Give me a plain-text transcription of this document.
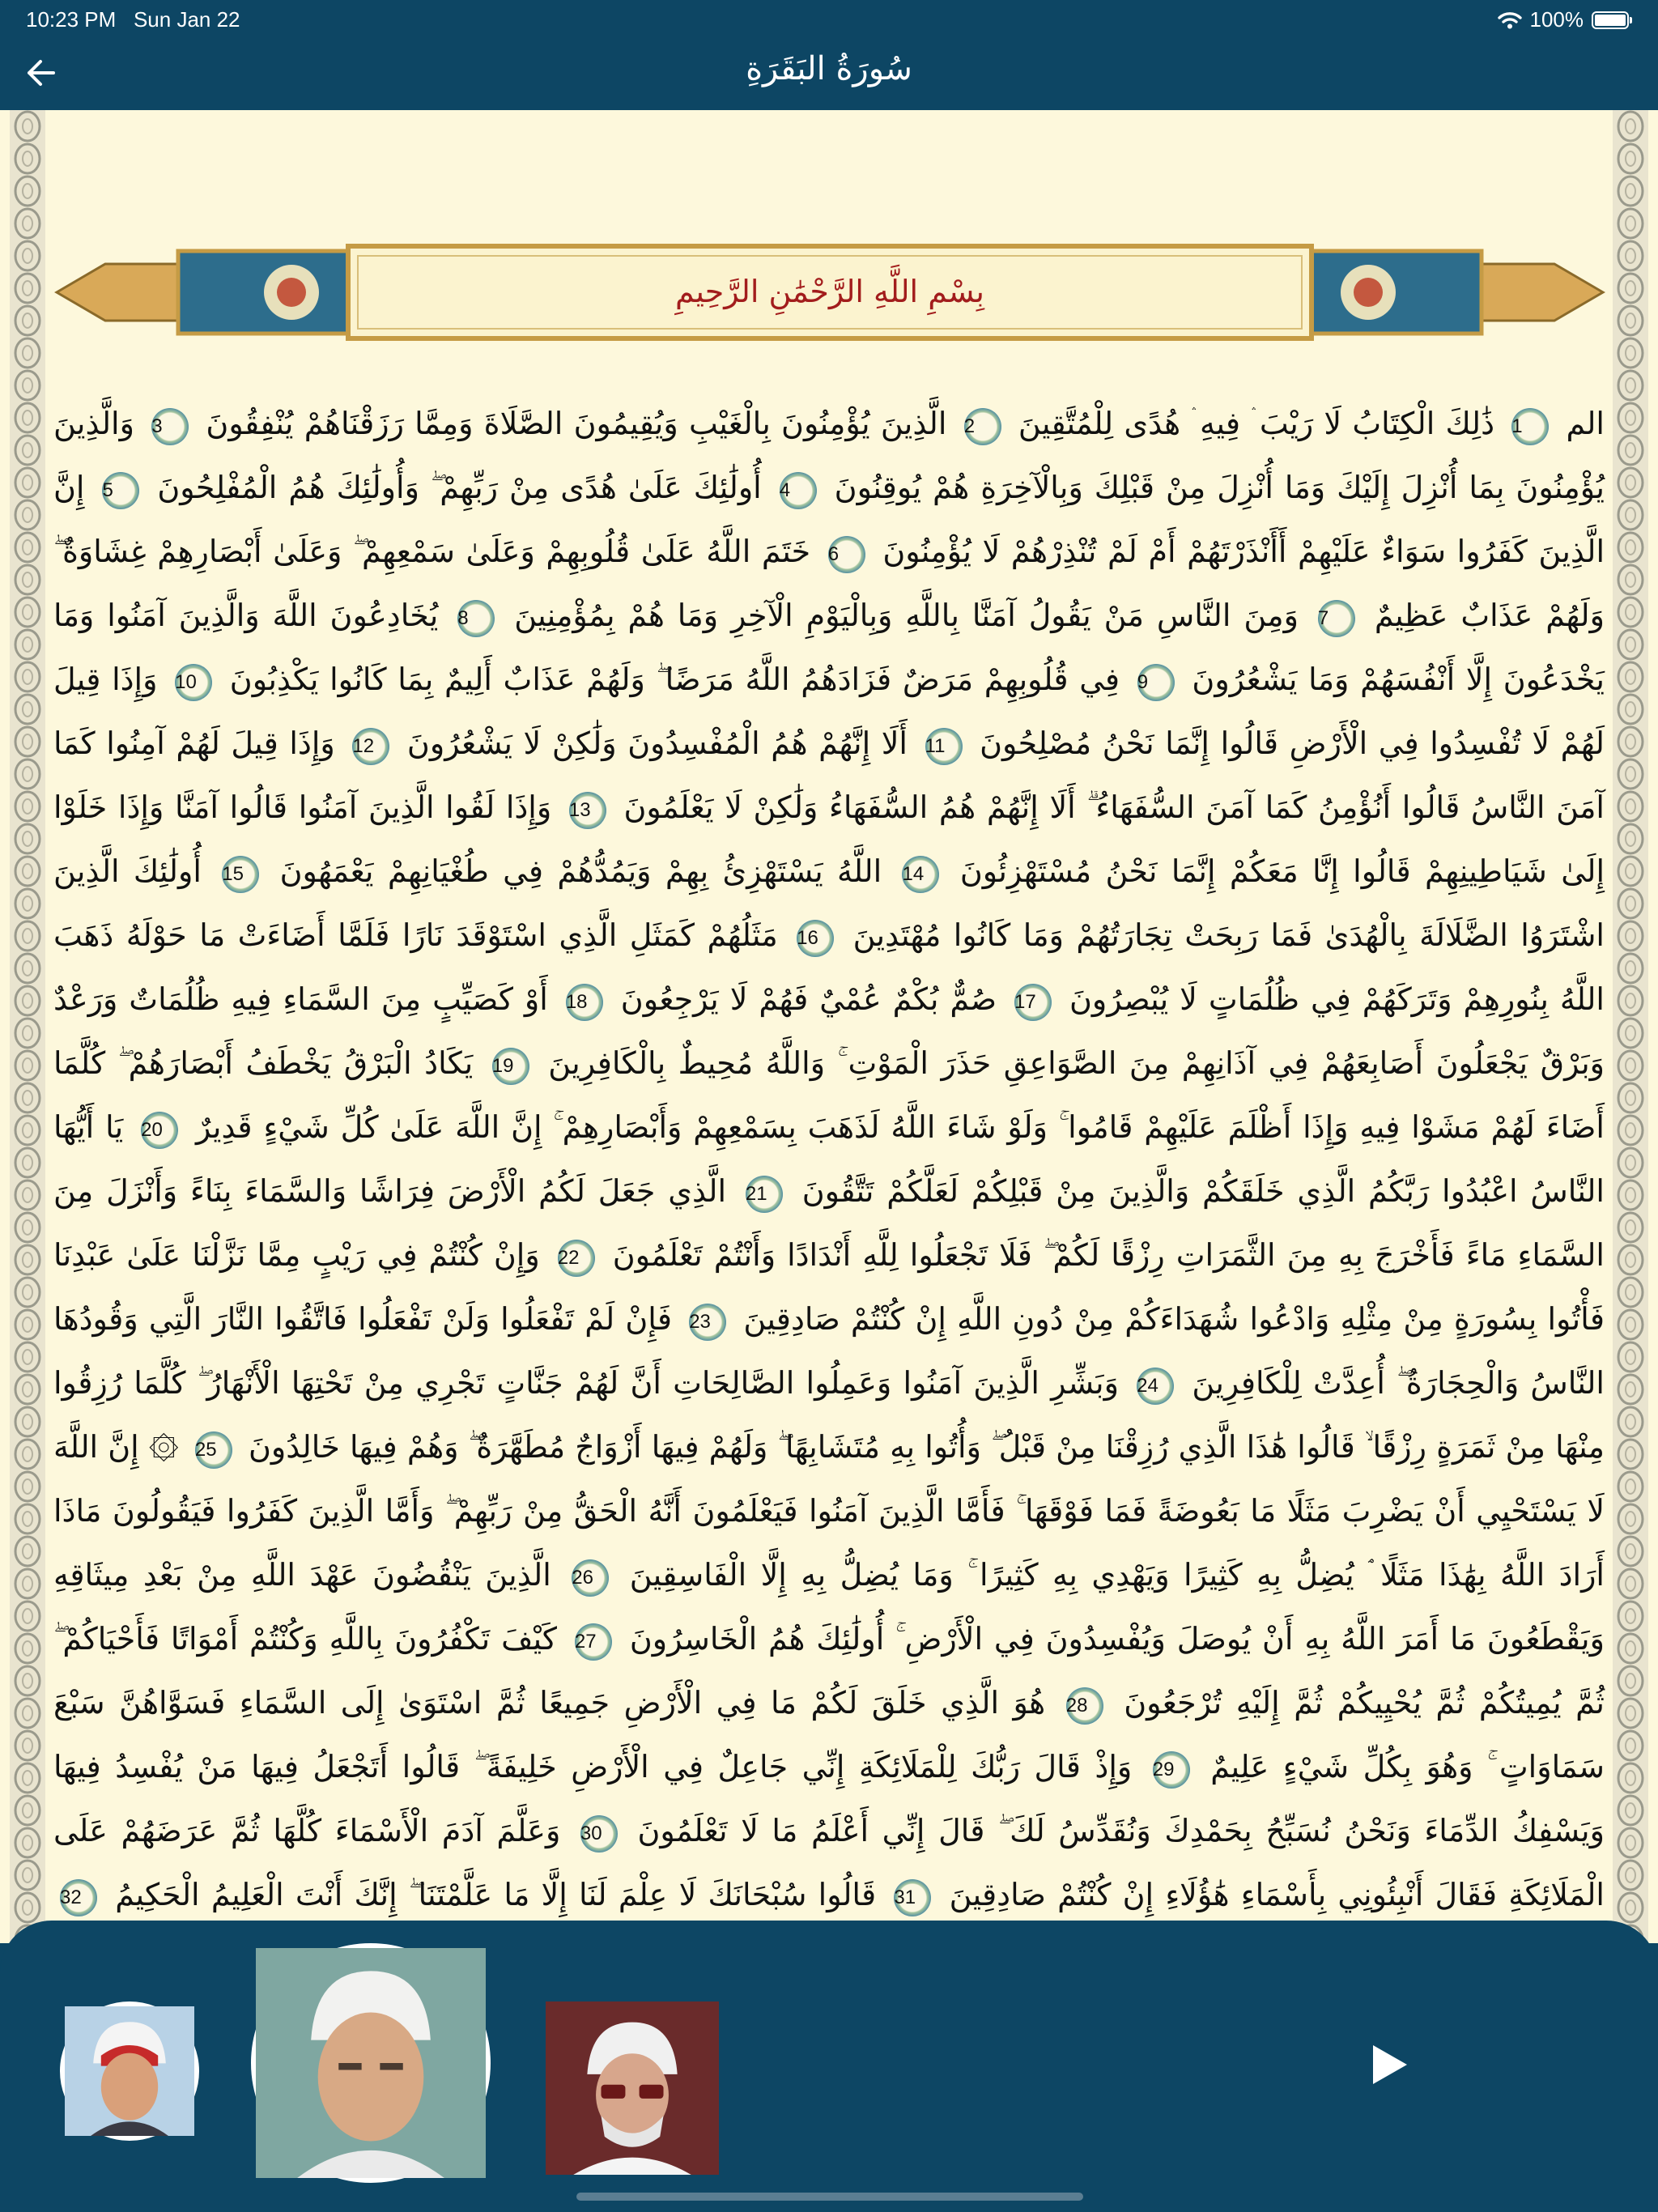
10:23 PM Sun Jan 22	100%
سُورَةُ البَقَرَةِ
بِسْمِ اللَّهِ الرَّحْمَٰنِ الرَّحِيمِ
الم 1 ذَٰلِكَ الْكِتَابُ لَا رَيْبَ ۛ فِيهِ ۛ هُدًى لِلْمُتَّقِينَ 2 الَّذِينَ يُؤْمِنُونَ بِالْغَيْبِ وَيُقِيمُونَ الصَّلَاةَ وَمِمَّا رَزَقْنَاهُمْ يُنْفِقُونَ 3 وَالَّذِينَ يُؤْمِنُونَ بِمَا أُنْزِلَ إِلَيْكَ وَمَا أُنْزِلَ مِنْ قَبْلِكَ وَبِالْآخِرَةِ هُمْ يُوقِنُونَ 4 أُولَٰئِكَ عَلَىٰ هُدًى مِنْ رَبِّهِمْ ۖ وَأُولَٰئِكَ هُمُ الْمُفْلِحُونَ 5 إِنَّ الَّذِينَ كَفَرُوا سَوَاءٌ عَلَيْهِمْ أَأَنْذَرْتَهُمْ أَمْ لَمْ تُنْذِرْهُمْ لَا يُؤْمِنُونَ 6 خَتَمَ اللَّهُ عَلَىٰ قُلُوبِهِمْ وَعَلَىٰ سَمْعِهِمْ ۖ وَعَلَىٰ أَبْصَارِهِمْ غِشَاوَةٌ ۖ وَلَهُمْ عَذَابٌ عَظِيمٌ 7 وَمِنَ النَّاسِ مَنْ يَقُولُ آمَنَّا بِاللَّهِ وَبِالْيَوْمِ الْآخِرِ وَمَا هُمْ بِمُؤْمِنِينَ 8 يُخَادِعُونَ اللَّهَ وَالَّذِينَ آمَنُوا وَمَا يَخْدَعُونَ إِلَّا أَنْفُسَهُمْ وَمَا يَشْعُرُونَ 9 فِي قُلُوبِهِمْ مَرَضٌ فَزَادَهُمُ اللَّهُ مَرَضًا ۖ وَلَهُمْ عَذَابٌ أَلِيمٌ بِمَا كَانُوا يَكْذِبُونَ 10 وَإِذَا قِيلَ لَهُمْ لَا تُفْسِدُوا فِي الْأَرْضِ قَالُوا إِنَّمَا نَحْنُ مُصْلِحُونَ 11 أَلَا إِنَّهُمْ هُمُ الْمُفْسِدُونَ وَلَٰكِنْ لَا يَشْعُرُونَ 12 وَإِذَا قِيلَ لَهُمْ آمِنُوا كَمَا آمَنَ النَّاسُ قَالُوا أَنُؤْمِنُ كَمَا آمَنَ السُّفَهَاءُ ۗ أَلَا إِنَّهُمْ هُمُ السُّفَهَاءُ وَلَٰكِنْ لَا يَعْلَمُونَ 13 وَإِذَا لَقُوا الَّذِينَ آمَنُوا قَالُوا آمَنَّا وَإِذَا خَلَوْا إِلَىٰ شَيَاطِينِهِمْ قَالُوا إِنَّا مَعَكُمْ إِنَّمَا نَحْنُ مُسْتَهْزِئُونَ 14 اللَّهُ يَسْتَهْزِئُ بِهِمْ وَيَمُدُّهُمْ فِي طُغْيَانِهِمْ يَعْمَهُونَ 15 أُولَٰئِكَ الَّذِينَ اشْتَرَوُا الضَّلَالَةَ بِالْهُدَىٰ فَمَا رَبِحَتْ تِجَارَتُهُمْ وَمَا كَانُوا مُهْتَدِينَ 16 مَثَلُهُمْ كَمَثَلِ الَّذِي اسْتَوْقَدَ نَارًا فَلَمَّا أَضَاءَتْ مَا حَوْلَهُ ذَهَبَ اللَّهُ بِنُورِهِمْ وَتَرَكَهُمْ فِي ظُلُمَاتٍ لَا يُبْصِرُونَ 17 صُمٌّ بُكْمٌ عُمْيٌ فَهُمْ لَا يَرْجِعُونَ 18 أَوْ كَصَيِّبٍ مِنَ السَّمَاءِ فِيهِ ظُلُمَاتٌ وَرَعْدٌ وَبَرْقٌ يَجْعَلُونَ أَصَابِعَهُمْ فِي آذَانِهِمْ مِنَ الصَّوَاعِقِ حَذَرَ الْمَوْتِ ۚ وَاللَّهُ مُحِيطٌ بِالْكَافِرِينَ 19 يَكَادُ الْبَرْقُ يَخْطَفُ أَبْصَارَهُمْ ۖ كُلَّمَا أَضَاءَ لَهُمْ مَشَوْا فِيهِ وَإِذَا أَظْلَمَ عَلَيْهِمْ قَامُوا ۚ وَلَوْ شَاءَ اللَّهُ لَذَهَبَ بِسَمْعِهِمْ وَأَبْصَارِهِمْ ۚ إِنَّ اللَّهَ عَلَىٰ كُلِّ شَيْءٍ قَدِيرٌ 20 يَا أَيُّهَا النَّاسُ اعْبُدُوا رَبَّكُمُ الَّذِي خَلَقَكُمْ وَالَّذِينَ مِنْ قَبْلِكُمْ لَعَلَّكُمْ تَتَّقُونَ 21 الَّذِي جَعَلَ لَكُمُ الْأَرْضَ فِرَاشًا وَالسَّمَاءَ بِنَاءً وَأَنْزَلَ مِنَ السَّمَاءِ مَاءً فَأَخْرَجَ بِهِ مِنَ الثَّمَرَاتِ رِزْقًا لَكُمْ ۖ فَلَا تَجْعَلُوا لِلَّهِ أَنْدَادًا وَأَنْتُمْ تَعْلَمُونَ 22 وَإِنْ كُنْتُمْ فِي رَيْبٍ مِمَّا نَزَّلْنَا عَلَىٰ عَبْدِنَا فَأْتُوا بِسُورَةٍ مِنْ مِثْلِهِ وَادْعُوا شُهَدَاءَكُمْ مِنْ دُونِ اللَّهِ إِنْ كُنْتُمْ صَادِقِينَ 23 فَإِنْ لَمْ تَفْعَلُوا وَلَنْ تَفْعَلُوا فَاتَّقُوا النَّارَ الَّتِي وَقُودُهَا النَّاسُ وَالْحِجَارَةُ ۖ أُعِدَّتْ لِلْكَافِرِينَ 24 وَبَشِّرِ الَّذِينَ آمَنُوا وَعَمِلُوا الصَّالِحَاتِ أَنَّ لَهُمْ جَنَّاتٍ تَجْرِي مِنْ تَحْتِهَا الْأَنْهَارُ ۖ كُلَّمَا رُزِقُوا مِنْهَا مِنْ ثَمَرَةٍ رِزْقًا ۙ قَالُوا هَٰذَا الَّذِي رُزِقْنَا مِنْ قَبْلُ ۖ وَأُتُوا بِهِ مُتَشَابِهًا ۖ وَلَهُمْ فِيهَا أَزْوَاجٌ مُطَهَّرَةٌ ۖ وَهُمْ فِيهَا خَالِدُونَ 25 ۞ إِنَّ اللَّهَ لَا يَسْتَحْيِي أَنْ يَضْرِبَ مَثَلًا مَا بَعُوضَةً فَمَا فَوْقَهَا ۚ فَأَمَّا الَّذِينَ آمَنُوا فَيَعْلَمُونَ أَنَّهُ الْحَقُّ مِنْ رَبِّهِمْ ۖ وَأَمَّا الَّذِينَ كَفَرُوا فَيَقُولُونَ مَاذَا أَرَادَ اللَّهُ بِهَٰذَا مَثَلًا ۘ يُضِلُّ بِهِ كَثِيرًا وَيَهْدِي بِهِ كَثِيرًا ۚ وَمَا يُضِلُّ بِهِ إِلَّا الْفَاسِقِينَ 26 الَّذِينَ يَنْقُضُونَ عَهْدَ اللَّهِ مِنْ بَعْدِ مِيثَاقِهِ وَيَقْطَعُونَ مَا أَمَرَ اللَّهُ بِهِ أَنْ يُوصَلَ وَيُفْسِدُونَ فِي الْأَرْضِ ۚ أُولَٰئِكَ هُمُ الْخَاسِرُونَ 27 كَيْفَ تَكْفُرُونَ بِاللَّهِ وَكُنْتُمْ أَمْوَاتًا فَأَحْيَاكُمْ ۖ ثُمَّ يُمِيتُكُمْ ثُمَّ يُحْيِيكُمْ ثُمَّ إِلَيْهِ تُرْجَعُونَ 28 هُوَ الَّذِي خَلَقَ لَكُمْ مَا فِي الْأَرْضِ جَمِيعًا ثُمَّ اسْتَوَىٰ إِلَى السَّمَاءِ فَسَوَّاهُنَّ سَبْعَ سَمَاوَاتٍ ۚ وَهُوَ بِكُلِّ شَيْءٍ عَلِيمٌ 29 وَإِذْ قَالَ رَبُّكَ لِلْمَلَائِكَةِ إِنِّي جَاعِلٌ فِي الْأَرْضِ خَلِيفَةً ۖ قَالُوا أَتَجْعَلُ فِيهَا مَنْ يُفْسِدُ فِيهَا وَيَسْفِكُ الدِّمَاءَ وَنَحْنُ نُسَبِّحُ بِحَمْدِكَ وَنُقَدِّسُ لَكَ ۖ قَالَ إِنِّي أَعْلَمُ مَا لَا تَعْلَمُونَ 30 وَعَلَّمَ آدَمَ الْأَسْمَاءَ كُلَّهَا ثُمَّ عَرَضَهُمْ عَلَى الْمَلَائِكَةِ فَقَالَ أَنْبِئُونِي بِأَسْمَاءِ هَٰؤُلَاءِ إِنْ كُنْتُمْ صَادِقِينَ 31 قَالُوا سُبْحَانَكَ لَا عِلْمَ لَنَا إِلَّا مَا عَلَّمْتَنَا ۖ إِنَّكَ أَنْتَ الْعَلِيمُ الْحَكِيمُ 32
